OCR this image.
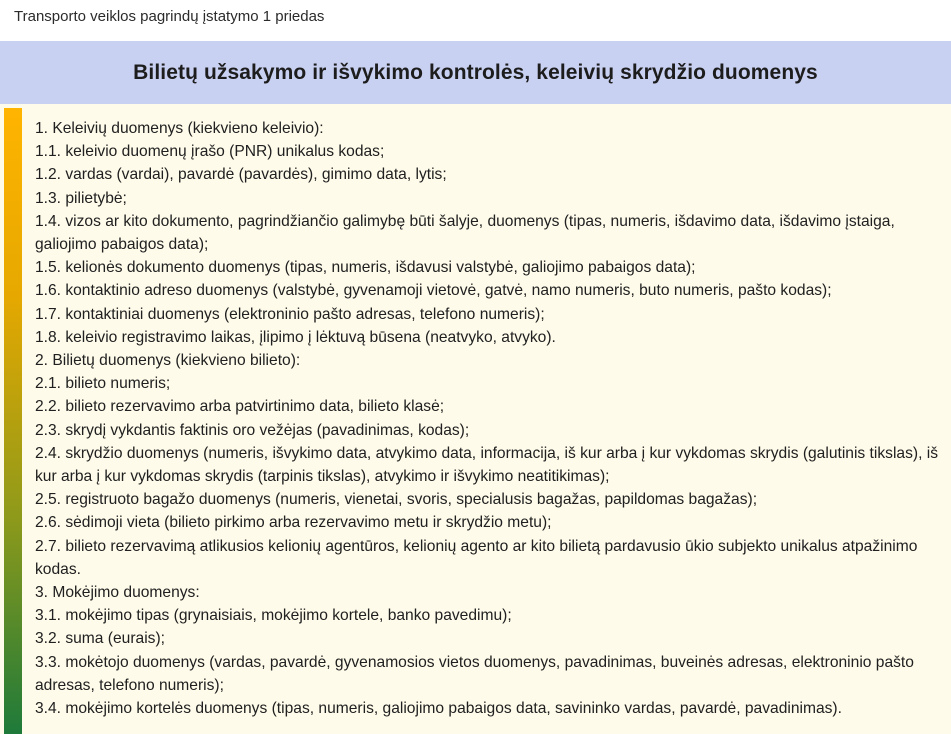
Transporto veiklos pagrindų įstatymo 1 priedas
Bilietų užsakymo ir išvykimo kontrolės, keleivių skrydžio duomenys
1. Keleivių duomenys (kiekvieno keleivio):
1.1. keleivio duomenų įrašo (PNR) unikalus kodas;
1.2. vardas (vardai), pavardė (pavardės), gimimo data, lytis;
1.3. pilietybė;
1.4. vizos ar kito dokumento, pagrindžiančio galimybę būti šalyje, duomenys (tipas, numeris, išdavimo data, išdavimo įstaiga, galiojimo pabaigos data);
1.5. kelionės dokumento duomenys (tipas, numeris, išdavusi valstybė, galiojimo pabaigos data);
1.6. kontaktinio adreso duomenys (valstybė, gyvenamoji vietovė, gatvė, namo numeris, buto numeris, pašto kodas);
1.7. kontaktiniai duomenys (elektroninio pašto adresas, telefono numeris);
1.8. keleivio registravimo laikas, įlipimo į lėktuvą būsena (neatvyko, atvyko).
2. Bilietų duomenys (kiekvieno bilieto):
2.1. bilieto numeris;
2.2. bilieto rezervavimo arba patvirtinimo data, bilieto klasė;
2.3. skrydį vykdantis faktinis oro vežėjas (pavadinimas, kodas);
2.4. skrydžio duomenys (numeris, išvykimo data, atvykimo data, informacija, iš kur arba į kur vykdomas skrydis (galutinis tikslas), iš kur arba į kur vykdomas skrydis (tarpinis tikslas), atvykimo ir išvykimo neatitikimas);
2.5. registruoto bagažo duomenys (numeris, vienetai, svoris, specialusis bagažas, papildomas bagažas);
2.6. sėdimoji vieta (bilieto pirkimo arba rezervavimo metu ir skrydžio metu);
2.7. bilieto rezervavimą atlikusios kelionių agentūros, kelionių agento ar kito bilietą pardavusio ūkio subjekto unikalus atpažinimo kodas.
3. Mokėjimo duomenys:
3.1. mokėjimo tipas (grynaisiais, mokėjimo kortele, banko pavedimu);
3.2. suma (eurais);
3.3. mokėtojo duomenys (vardas, pavardė, gyvenamosios vietos duomenys, pavadinimas, buveinės adresas, elektroninio pašto adresas, telefono numeris);
3.4. mokėjimo kortelės duomenys (tipas, numeris, galiojimo pabaigos data, savininko vardas, pavardė, pavadinimas).
